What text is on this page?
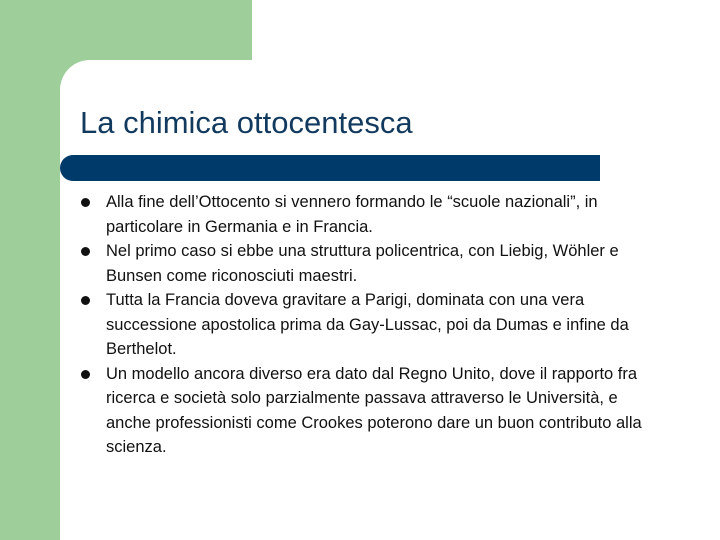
La chimica ottocentesca
Alla fine dell’Ottocento si vennero formando le “scuole nazionali”, in particolare in Germania e in Francia.
Nel primo caso si ebbe una struttura policentrica, con Liebig, Wöhler e Bunsen come riconosciuti maestri.
Tutta la Francia doveva gravitare a Parigi, dominata con una vera successione apostolica prima da Gay-Lussac, poi da Dumas e infine da Berthelot.
Un modello ancora diverso era dato dal Regno Unito, dove il rapporto fra ricerca e società solo parzialmente passava attraverso le Università, e anche professionisti come Crookes poterono dare un buon contributo alla scienza.
